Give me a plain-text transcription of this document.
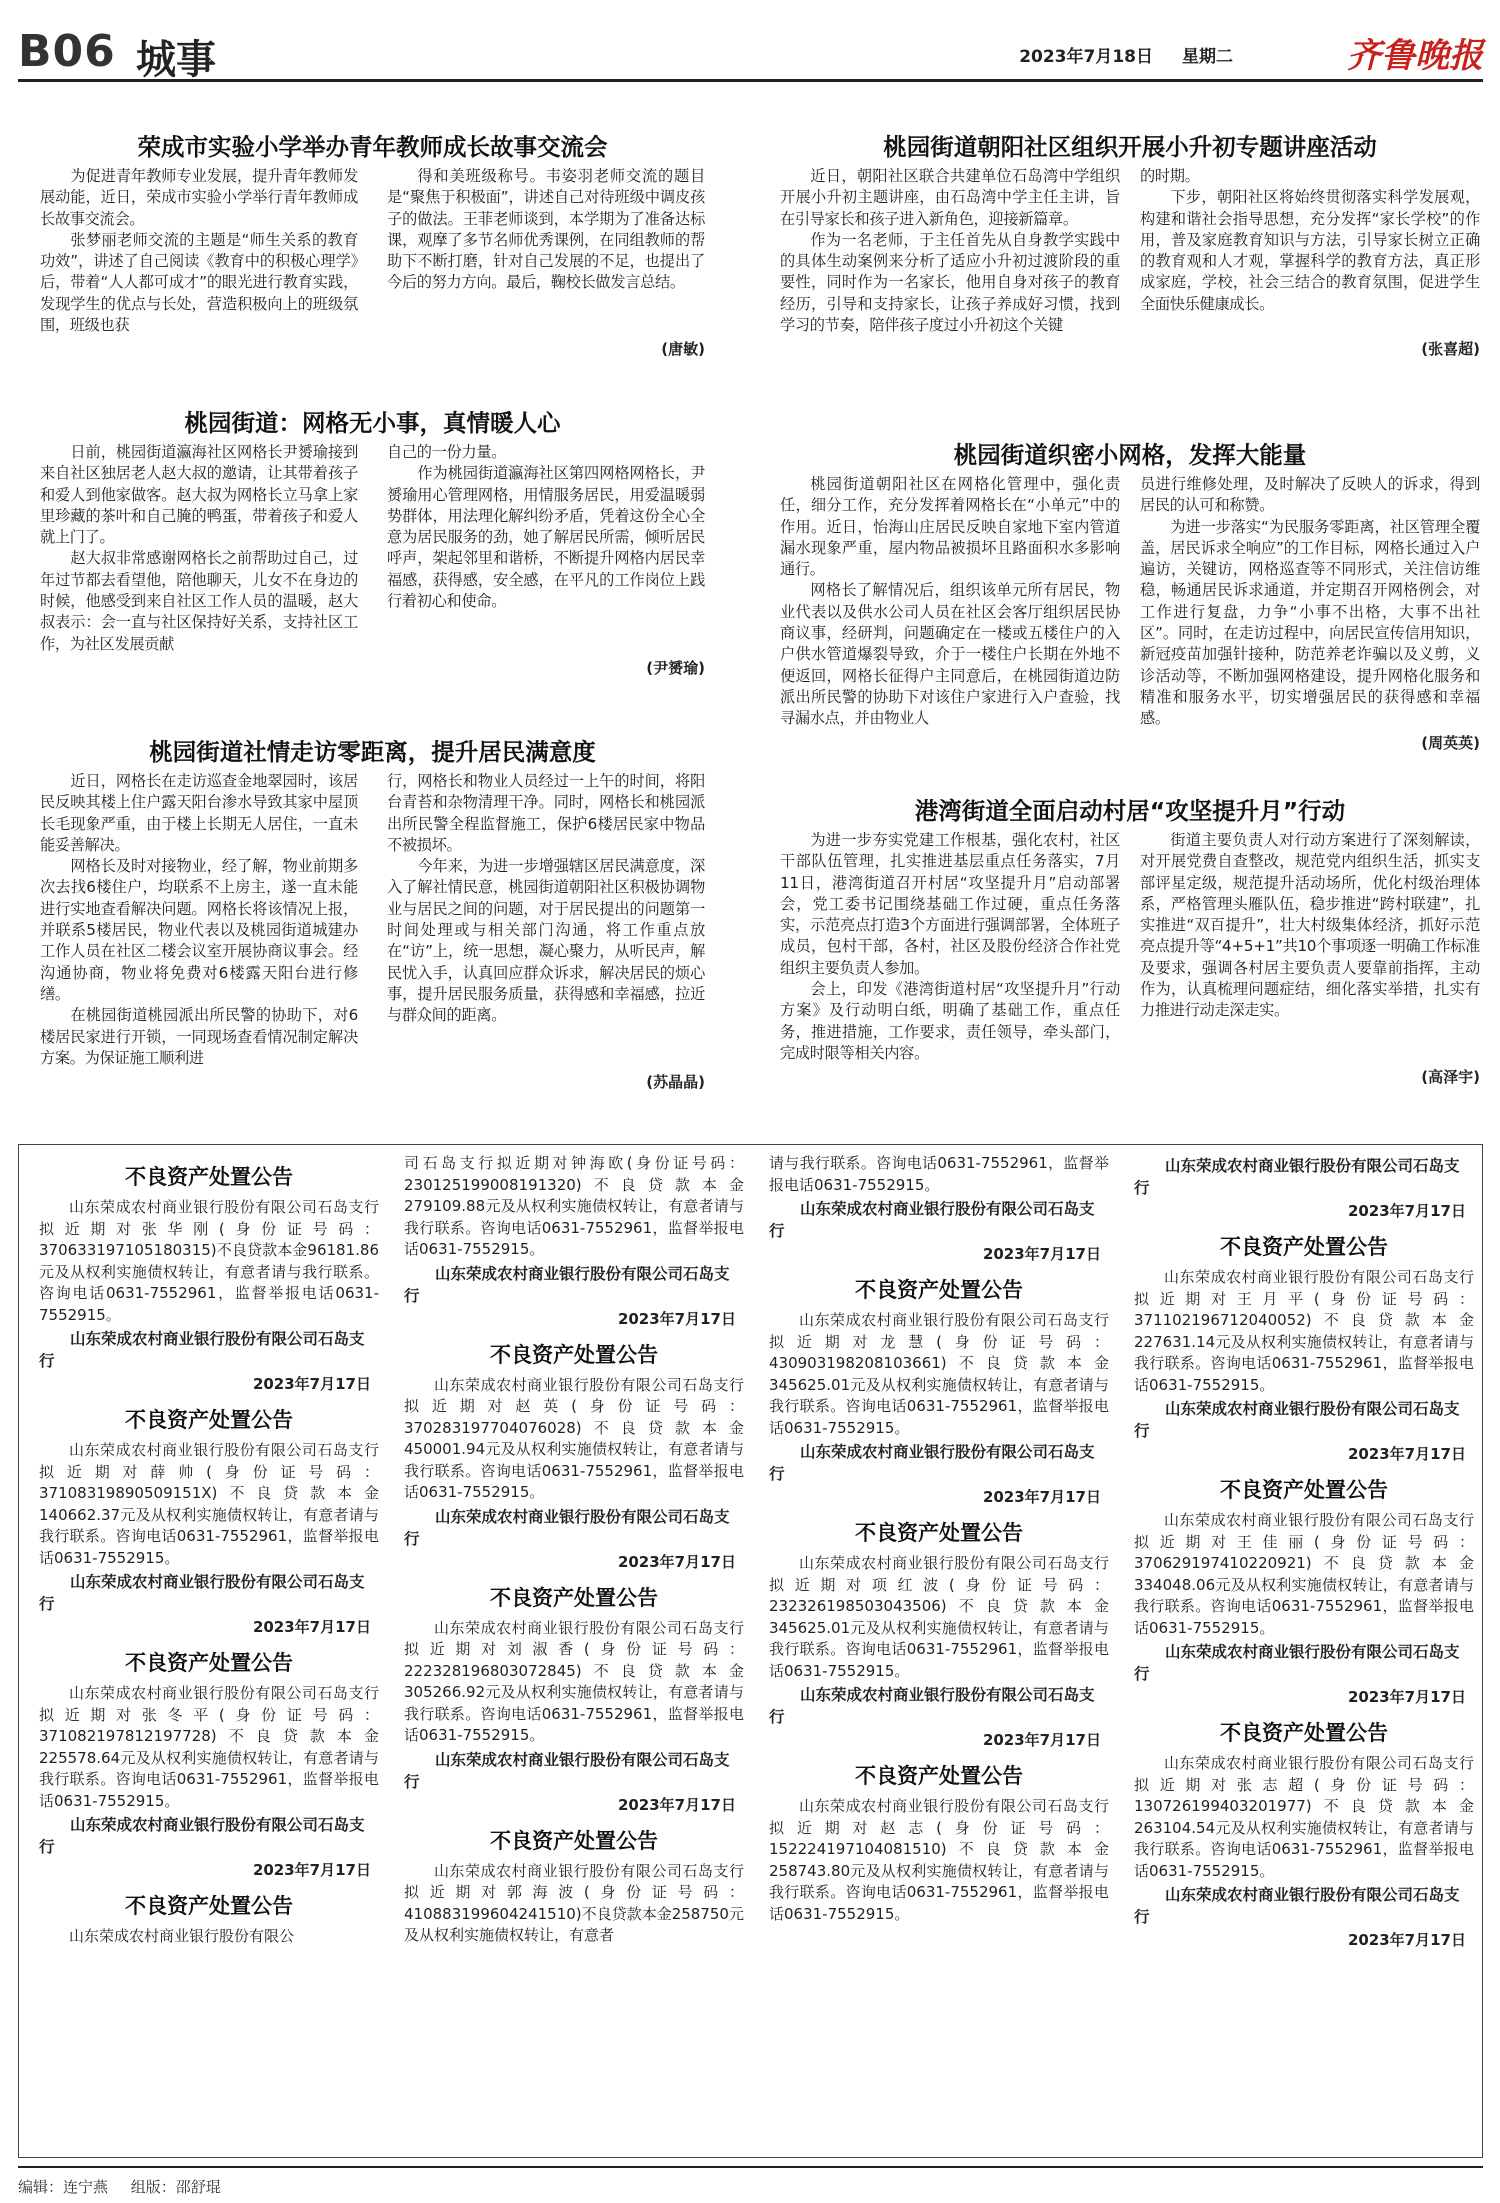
B06 城事	2023年7月18日 星期二	齐鲁晚报
荣成市实验小学举办青年教师成长故事交流会

为促进青年教师专业发展，提升青年教师发展动能，近日，荣成市实验小学举行青年教师成长故事交流会。

张梦丽老师交流的主题是“师生关系的教育功效”，讲述了自己阅读《教育中的积极心理学》后，带着“人人都可成才”的眼光进行教育实践，发现学生的优点与长处，营造积极向上的班级氛围，班级也获

得和美班级称号。韦姿羽老师交流的题目是“聚焦于积极面”，讲述自己对待班级中调皮孩子的做法。王菲老师谈到，本学期为了准备达标课，观摩了多节名师优秀课例，在同组教师的帮助下不断打磨，针对自己发展的不足，也提出了今后的努力方向。最后，鞠校长做发言总结。

(唐敏)
桃园街道：网格无小事，真情暖人心

日前，桃园街道瀛海社区网格长尹赟瑜接到来自社区独居老人赵大叔的邀请，让其带着孩子和爱人到他家做客。赵大叔为网格长立马拿上家里珍藏的茶叶和自己腌的鸭蛋，带着孩子和爱人就上门了。

赵大叔非常感谢网格长之前帮助过自己，过年过节都去看望他，陪他聊天，儿女不在身边的时候，他感受到来自社区工作人员的温暖，赵大叔表示：会一直与社区保持好关系，支持社区工作，为社区发展贡献

自己的一份力量。

作为桃园街道瀛海社区第四网格网格长，尹赟瑜用心管理网格，用情服务居民，用爱温暖弱势群体，用法理化解纠纷矛盾，凭着这份全心全意为居民服务的劲，她了解居民所需，倾听居民呼声，架起邻里和谐桥，不断提升网格内居民幸福感，获得感，安全感，在平凡的工作岗位上践行着初心和使命。

(尹赟瑜)
桃园街道社情走访零距离，提升居民满意度

近日，网格长在走访巡查金地翠园时，该居民反映其楼上住户露天阳台渗水导致其家中屋顶长毛现象严重，由于楼上长期无人居住，一直未能妥善解决。

网格长及时对接物业，经了解，物业前期多次去找6楼住户，均联系不上房主，遂一直未能进行实地查看解决问题。网格长将该情况上报，并联系5楼居民，物业代表以及桃园街道城建办工作人员在社区二楼会议室开展协商议事会。经沟通协商，物业将免费对6楼露天阳台进行修缮。

在桃园街道桃园派出所民警的协助下，对6楼居民家进行开锁，一同现场查看情况制定解决方案。为保证施工顺利进

行，网格长和物业人员经过一上午的时间，将阳台青苔和杂物清理干净。同时，网格长和桃园派出所民警全程监督施工，保护6楼居民家中物品不被损坏。

今年来，为进一步增强辖区居民满意度，深入了解社情民意，桃园街道朝阳社区积极协调物业与居民之间的问题，对于居民提出的问题第一时间处理或与相关部门沟通，将工作重点放在“访”上，统一思想，凝心聚力，从听民声，解民忧入手，认真回应群众诉求，解决居民的烦心事，提升居民服务质量，获得感和幸福感，拉近与群众间的距离。

(苏晶晶)
桃园街道朝阳社区组织开展小升初专题讲座活动

近日，朝阳社区联合共建单位石岛湾中学组织开展小升初主题讲座，由石岛湾中学主任主讲，旨在引导家长和孩子进入新角色，迎接新篇章。

作为一名老师，于主任首先从自身教学实践中的具体生动案例来分析了适应小升初过渡阶段的重要性，同时作为一名家长，他用自身对孩子的教育经历，引导和支持家长，让孩子养成好习惯，找到学习的节奏，陪伴孩子度过小升初这个关键

的时期。

下步，朝阳社区将始终贯彻落实科学发展观，构建和谐社会指导思想，充分发挥“家长学校”的作用，普及家庭教育知识与方法，引导家长树立正确的教育观和人才观，掌握科学的教育方法，真正形成家庭，学校，社会三结合的教育氛围，促进学生全面快乐健康成长。

(张喜超)
桃园街道织密小网格，发挥大能量

桃园街道朝阳社区在网格化管理中，强化责任，细分工作，充分发挥着网格长在“小单元”中的作用。近日，怡海山庄居民反映自家地下室内管道漏水现象严重，屋内物品被损坏且路面积水多影响通行。

网格长了解情况后，组织该单元所有居民，物业代表以及供水公司人员在社区会客厅组织居民协商议事，经研判，问题确定在一楼或五楼住户的入户供水管道爆裂导致，介于一楼住户长期在外地不便返回，网格长征得户主同意后，在桃园街道边防派出所民警的协助下对该住户家进行入户查验，找寻漏水点，并由物业人

员进行维修处理，及时解决了反映人的诉求，得到居民的认可和称赞。

为进一步落实“为民服务零距离，社区管理全覆盖，居民诉求全响应”的工作目标，网格长通过入户遍访，关键访，网格巡查等不同形式，关注信访维稳，畅通居民诉求通道，并定期召开网格例会，对工作进行复盘，力争“小事不出格，大事不出社区”。同时，在走访过程中，向居民宣传信用知识，新冠疫苗加强针接种，防范养老诈骗以及义剪，义诊活动等，不断加强网格建设，提升网格化服务和精准和服务水平，切实增强居民的获得感和幸福感。

(周英英)
港湾街道全面启动村居“攻坚提升月”行动

为进一步夯实党建工作根基，强化农村，社区干部队伍管理，扎实推进基层重点任务落实，7月11日，港湾街道召开村居“攻坚提升月”启动部署会，党工委书记围绕基础工作过硬，重点任务落实，示范亮点打造3个方面进行强调部署，全体班子成员，包村干部，各村，社区及股份经济合作社党组织主要负责人参加。

会上，印发《港湾街道村居“攻坚提升月”行动方案》及行动明白纸，明确了基础工作，重点任务，推进措施，工作要求，责任领导，牵头部门，完成时限等相关内容。

街道主要负责人对行动方案进行了深刻解读，对开展党费自查整改，规范党内组织生活，抓实支部评星定级，规范提升活动场所，优化村级治理体系，严格管理头雁队伍，稳步推进“跨村联建”，扎实推进“双百提升”，壮大村级集体经济，抓好示范亮点提升等“4+5+1”共10个事项逐一明确工作标准及要求，强调各村居主要负责人要靠前指挥，主动作为，认真梳理问题症结，细化落实举措，扎实有力推进行动走深走实。

(高泽宇)
不良资产处置公告

山东荣成农村商业银行股份有限公司石岛支行拟近期对张华刚(身份证号码：370633197105180315)不良贷款本金96181.86元及从权利实施债权转让，有意者请与我行联系。咨询电话0631-7552961，监督举报电话0631-7552915。

山东荣成农村商业银行股份有限公司石岛支行
2023年7月17日
不良资产处置公告

山东荣成农村商业银行股份有限公司石岛支行拟近期对薛帅(身份证号码：37108319890509151X)不良贷款本金140662.37元及从权利实施债权转让，有意者请与我行联系。咨询电话0631-7552961，监督举报电话0631-7552915。

山东荣成农村商业银行股份有限公司石岛支行
2023年7月17日
不良资产处置公告

山东荣成农村商业银行股份有限公司石岛支行拟近期对张冬平(身份证号码：371082197812197728)不良贷款本金225578.64元及从权利实施债权转让，有意者请与我行联系。咨询电话0631-7552961，监督举报电话0631-7552915。

山东荣成农村商业银行股份有限公司石岛支行
2023年7月17日
不良资产处置公告

山东荣成农村商业银行股份有限公

司石岛支行拟近期对钟海欧(身份证号码：230125199008191320)不良贷款本金279109.88元及从权利实施债权转让，有意者请与我行联系。咨询电话0631-7552961，监督举报电话0631-7552915。

山东荣成农村商业银行股份有限公司石岛支行
2023年7月17日
不良资产处置公告

山东荣成农村商业银行股份有限公司石岛支行拟近期对赵英(身份证号码：370283197704076028)不良贷款本金450001.94元及从权利实施债权转让，有意者请与我行联系。咨询电话0631-7552961，监督举报电话0631-7552915。

山东荣成农村商业银行股份有限公司石岛支行
2023年7月17日
不良资产处置公告

山东荣成农村商业银行股份有限公司石岛支行拟近期对刘淑香(身份证号码：222328196803072845)不良贷款本金305266.92元及从权利实施债权转让，有意者请与我行联系。咨询电话0631-7552961，监督举报电话0631-7552915。

山东荣成农村商业银行股份有限公司石岛支行
2023年7月17日
不良资产处置公告

山东荣成农村商业银行股份有限公司石岛支行拟近期对郭海波(身份证号码：410883199604241510)不良贷款本金258750元及从权利实施债权转让，有意者

请与我行联系。咨询电话0631-7552961，监督举报电话0631-7552915。

山东荣成农村商业银行股份有限公司石岛支行
2023年7月17日
不良资产处置公告

山东荣成农村商业银行股份有限公司石岛支行拟近期对龙慧(身份证号码：430903198208103661)不良贷款本金345625.01元及从权利实施债权转让，有意者请与我行联系。咨询电话0631-7552961，监督举报电话0631-7552915。

山东荣成农村商业银行股份有限公司石岛支行
2023年7月17日
不良资产处置公告

山东荣成农村商业银行股份有限公司石岛支行拟近期对项红波(身份证号码：232326198503043506)不良贷款本金345625.01元及从权利实施债权转让，有意者请与我行联系。咨询电话0631-7552961，监督举报电话0631-7552915。

山东荣成农村商业银行股份有限公司石岛支行
2023年7月17日
不良资产处置公告

山东荣成农村商业银行股份有限公司石岛支行拟近期对赵志(身份证号码：152224197104081510)不良贷款本金258743.80元及从权利实施债权转让，有意者请与我行联系。咨询电话0631-7552961，监督举报电话0631-7552915。

山东荣成农村商业银行股份有限公司石岛支行
2023年7月17日
不良资产处置公告

山东荣成农村商业银行股份有限公司石岛支行拟近期对王月平(身份证号码：371102196712040052)不良贷款本金227631.14元及从权利实施债权转让，有意者请与我行联系。咨询电话0631-7552961，监督举报电话0631-7552915。

山东荣成农村商业银行股份有限公司石岛支行
2023年7月17日
不良资产处置公告

山东荣成农村商业银行股份有限公司石岛支行拟近期对王佳丽(身份证号码：370629197410220921)不良贷款本金334048.06元及从权利实施债权转让，有意者请与我行联系。咨询电话0631-7552961，监督举报电话0631-7552915。

山东荣成农村商业银行股份有限公司石岛支行
2023年7月17日
不良资产处置公告

山东荣成农村商业银行股份有限公司石岛支行拟近期对张志超(身份证号码：130726199403201977)不良贷款本金263104.54元及从权利实施债权转让，有意者请与我行联系。咨询电话0631-7552961，监督举报电话0631-7552915。

山东荣成农村商业银行股份有限公司石岛支行
2023年7月17日
编辑：连宁燕 组版：邵舒琨
